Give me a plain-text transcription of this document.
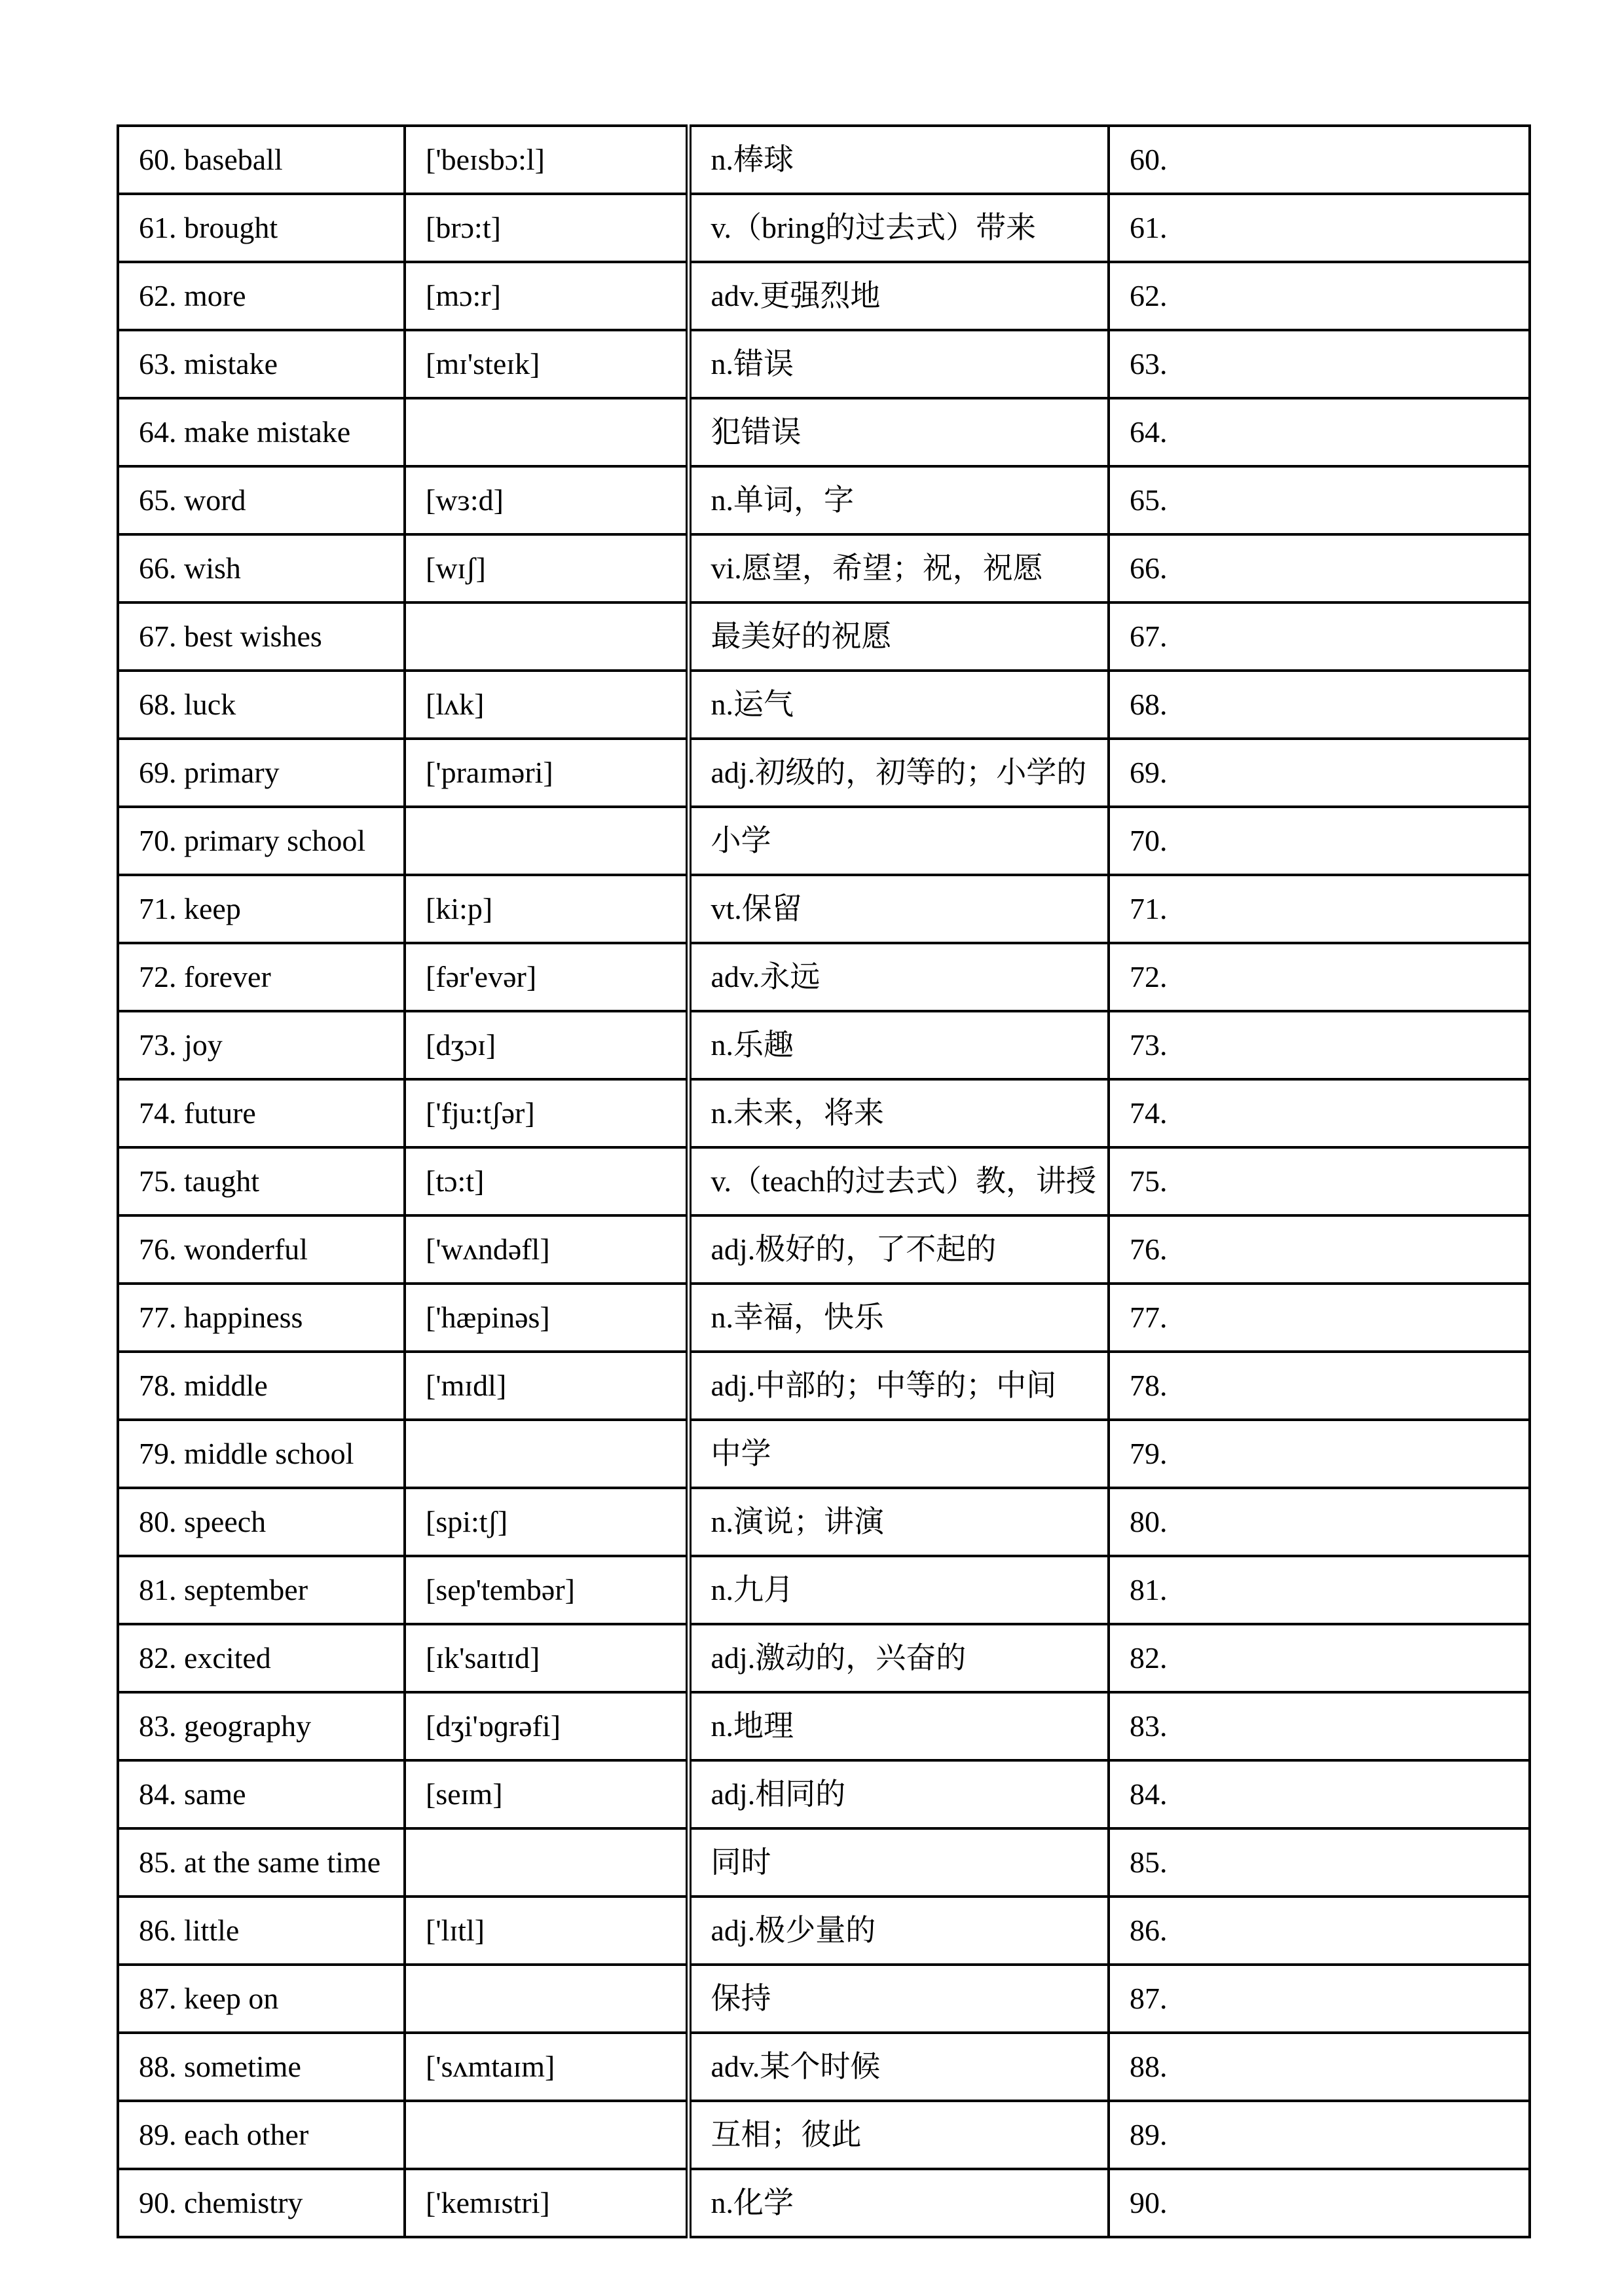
60. baseball	['beɪsbɔ:l]	n.棒球	60.
61. brought	[brɔ:t]	v.（bring的过去式）带来	61.
62. more	[mɔ:r]	adv.更强烈地	62.
63. mistake	[mɪ'steɪk]	n.错误	63.
64. make mistake		犯错误	64.
65. word	[wɜ:d]	n.单词，字	65.
66. wish	[wɪʃ]	vi.愿望，希望；祝，祝愿	66.
67. best wishes		最美好的祝愿	67.
68. luck	[lʌk]	n.运气	68.
69. primary	['praɪməri]	adj.初级的，初等的；小学的	69.
70. primary school		小学	70.
71. keep	[ki:p]	vt.保留	71.
72. forever	[fər'evər]	adv.永远	72.
73. joy	[dʒɔɪ]	n.乐趣	73.
74. future	['fju:tʃər]	n.未来，将来	74.
75. taught	[tɔ:t]	v.（teach的过去式）教，讲授	75.
76. wonderful	['wʌndəfl]	adj.极好的，了不起的	76.
77. happiness	['hæpinəs]	n.幸福，快乐	77.
78. middle	['mɪdl]	adj.中部的；中等的；中间	78.
79. middle school		中学	79.
80. speech	[spi:tʃ]	n.演说；讲演	80.
81. september	[sep'tembər]	n.九月	81.
82. excited	[ɪk'saɪtɪd]	adj.激动的，兴奋的	82.
83. geography	[dʒi'ɒɡrəfi]	n.地理	83.
84. same	[seɪm]	adj.相同的	84.
85. at the same time		同时	85.
86. little	['lɪtl]	adj.极少量的	86.
87. keep on		保持	87.
88. sometime	['sʌmtaɪm]	adv.某个时候	88.
89. each other		互相；彼此	89.
90. chemistry	['kemɪstri]	n.化学	90.
